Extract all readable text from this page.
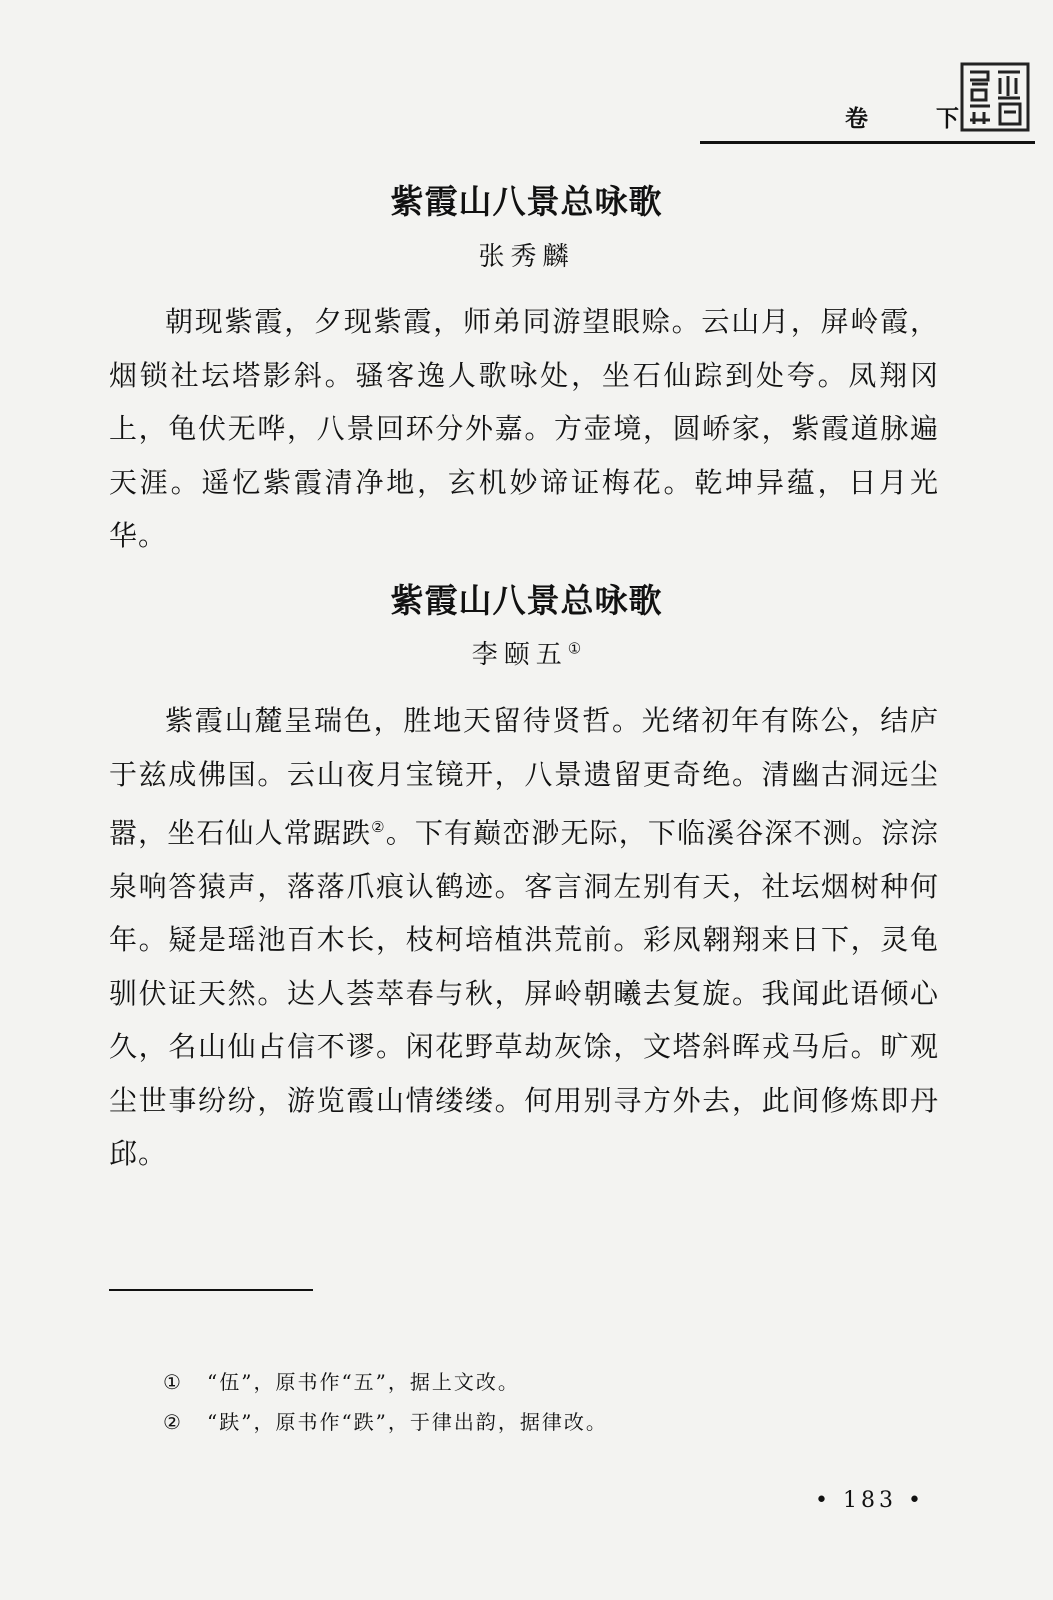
卷 下
紫霞山八景总咏歌
张秀麟

朝现紫霞，夕现紫霞，师弟同游望眼赊。云山月，屏岭霞，烟锁社坛塔影斜。骚客逸人歌咏处，坐石仙踪到处夸。凤翔冈上，龟伏无哗，八景回环分外嘉。方壶境，圆峤家，紫霞道脉遍天涯。遥忆紫霞清净地，玄机妙谛证梅花。乾坤异蕴，日月光华。

紫霞山八景总咏歌
李颐五①

紫霞山麓呈瑞色，胜地天留待贤哲。光绪初年有陈公，结庐于兹成佛国。云山夜月宝镜开，八景遗留更奇绝。清幽古洞远尘嚣，坐石仙人常踞跌②。下有巅峦渺无际，下临溪谷深不测。淙淙泉响答猿声，落落爪痕认鹤迹。客言洞左别有天，社坛烟树种何年。疑是瑶池百木长，枝柯培植洪荒前。彩凤翱翔来日下，灵龟驯伏证天然。达人荟萃春与秋，屏岭朝曦去复旋。我闻此语倾心久，名山仙占信不谬。闲花野草劫灰馀，文塔斜晖戎马后。旷观尘世事纷纷，游览霞山情缕缕。何用别寻方外去，此间修炼即丹邱。

① “伍”，原书作“五”，据上文改。
② “趺”，原书作“跌”，于律出韵，据律改。
• 183 •
